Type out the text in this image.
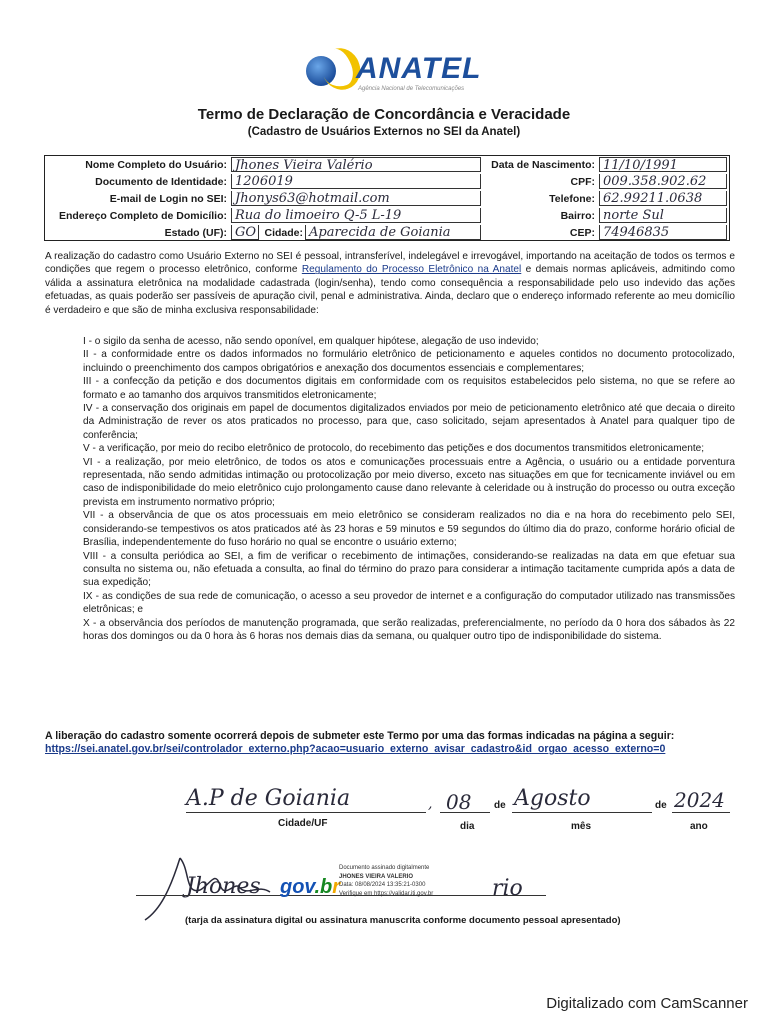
ANATEL
Agência Nacional de Telecomunicações
Termo de Declaração de Concordância e Veracidade
(Cadastro de Usuários Externos no SEI da Anatel)
Nome Completo do Usuário: Jhones Vieira Valério	Data de Nascimento: 11/10/1991
Documento de Identidade: 1206019	CPF: 009.358.902.62
E-mail de Login no SEI: Jhonys63@hotmail.com	Telefone: 62.99211.0638
Endereço Completo de Domicílio: Rua do limoeiro Q-5 L-19	Bairro: norte Sul
Estado (UF): GO Cidade: Aparecida de Goiania	CEP: 74946835
A realização do cadastro como Usuário Externo no SEI é pessoal, intransferível, indelegável e irrevogável, importando na aceitação de todos os termos e condições que regem o processo eletrônico, conforme Regulamento do Processo Eletrônico na Anatel e demais normas aplicáveis, admitindo como válida a assinatura eletrônica na modalidade cadastrada (login/senha), tendo como consequência a responsabilidade pelo uso indevido das ações efetuadas, as quais poderão ser passíveis de apuração civil, penal e administrativa. Ainda, declaro que o endereço informado referente ao meu domicílio é verdadeiro e que são de minha exclusiva responsabilidade:
I - o sigilo da senha de acesso, não sendo oponível, em qualquer hipótese, alegação de uso indevido;
II - a conformidade entre os dados informados no formulário eletrônico de peticionamento e aqueles contidos no documento protocolizado, incluindo o preenchimento dos campos obrigatórios e anexação dos documentos essenciais e complementares;
III - a confecção da petição e dos documentos digitais em conformidade com os requisitos estabelecidos pelo sistema, no que se refere ao formato e ao tamanho dos arquivos transmitidos eletronicamente;
IV - a conservação dos originais em papel de documentos digitalizados enviados por meio de peticionamento eletrônico até que decaia o direito da Administração de rever os atos praticados no processo, para que, caso solicitado, sejam apresentados à Anatel para qualquer tipo de conferência;
V - a verificação, por meio do recibo eletrônico de protocolo, do recebimento das petições e dos documentos transmitidos eletronicamente;
VI - a realização, por meio eletrônico, de todos os atos e comunicações processuais entre a Agência, o usuário ou a entidade porventura representada, não sendo admitidas intimação ou protocolização por meio diverso, exceto nas situações em que for tecnicamente inviável ou em caso de indisponibilidade do meio eletrônico cujo prolongamento cause dano relevante à celeridade ou à instrução do processo ou outra exceção prevista em instrumento normativo próprio;
VII - a observância de que os atos processuais em meio eletrônico se consideram realizados no dia e na hora do recebimento pelo SEI, considerando-se tempestivos os atos praticados até às 23 horas e 59 minutos e 59 segundos do último dia do prazo, conforme horário oficial de Brasília, independentemente do fuso horário no qual se encontre o usuário externo;
VIII - a consulta periódica ao SEI, a fim de verificar o recebimento de intimações, considerando-se realizadas na data em que efetuar sua consulta no sistema ou, não efetuada a consulta, ao final do término do prazo para considerar a intimação tacitamente cumprida após a data de sua expedição;
IX - as condições de sua rede de comunicação, o acesso a seu provedor de internet e a configuração do computador utilizado nas transmissões eletrônicas; e
X - a observância dos períodos de manutenção programada, que serão realizadas, preferencialmente, no período da 0 hora dos sábados às 22 horas dos domingos ou da 0 hora às 6 horas nos demais dias da semana, ou qualquer outro tipo de indisponibilidade do sistema.
A liberação do cadastro somente ocorrerá depois de submeter este Termo por uma das formas indicadas na página a seguir:
https://sei.anatel.gov.br/sei/controlador_externo.php?acao=usuario_externo_avisar_cadastro&id_orgao_acesso_externo=0
A.P de Goiania	, 08 de Agosto	de 2024
Cidade/UF	dia	mês	ano
Jhones gov.br
Documento assinado digitalmente
JHONES VIEIRA VALERIO
Data: 08/08/2024 13:35:21-0300
Verifique em https://validar.iti.gov.br	rio
(tarja da assinatura digital ou assinatura manuscrita conforme documento pessoal apresentado)
Digitalizado com CamScanner
